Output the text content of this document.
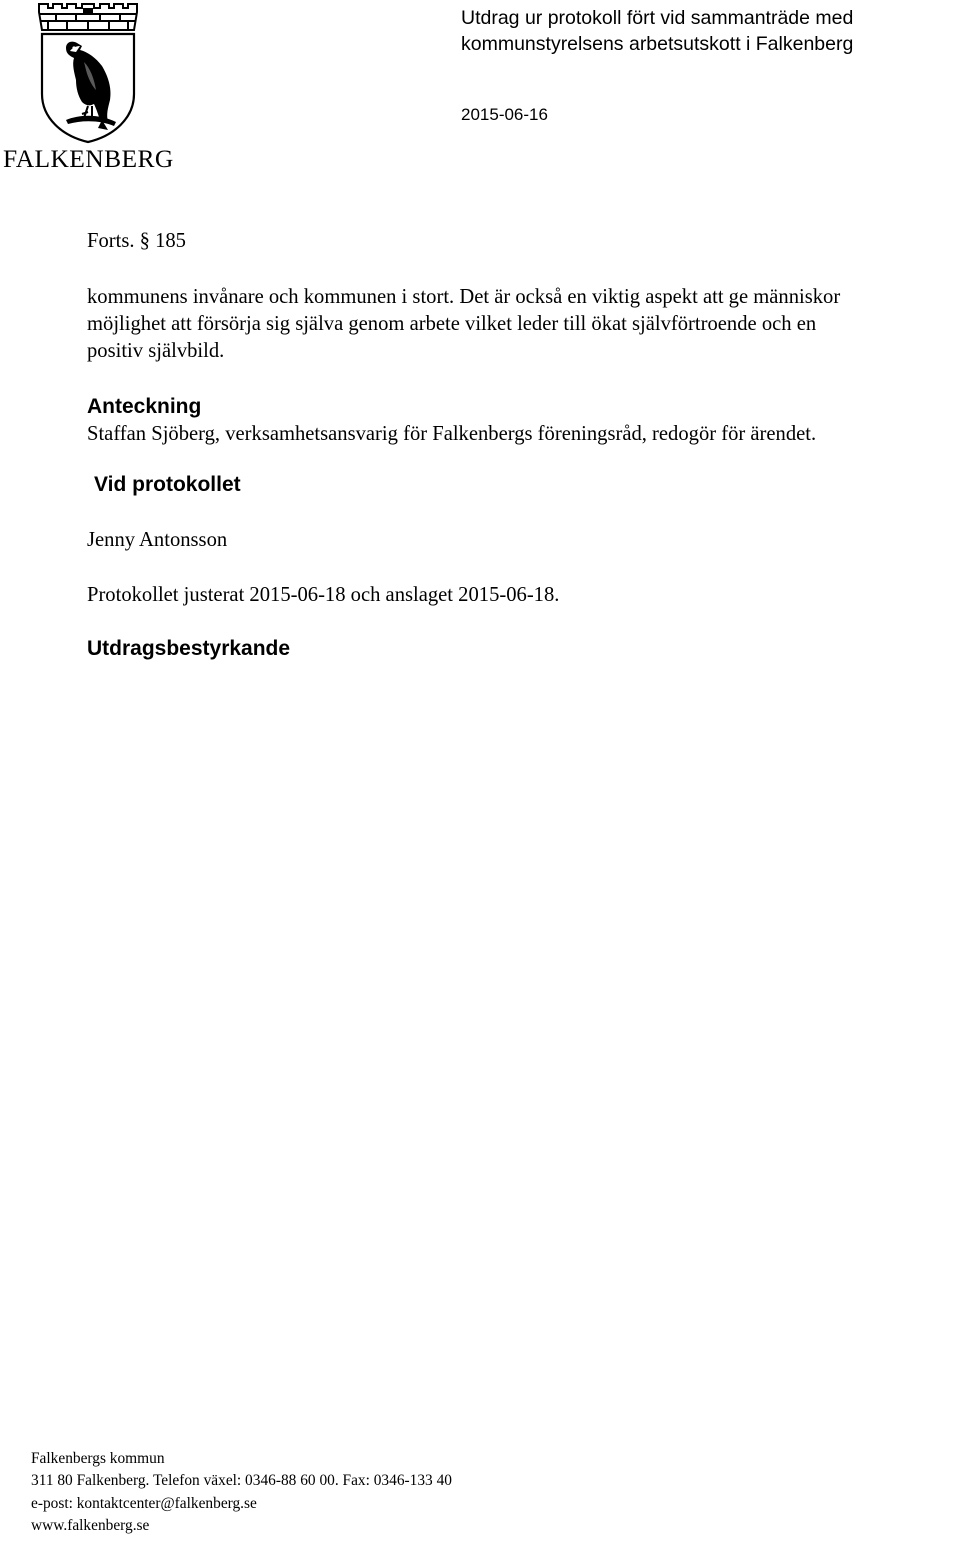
FALKENBERG
Utdrag ur protokoll fört vid sammanträde med
kommunstyrelsens arbetsutskott i Falkenberg
2015-06-16
Forts. § 185
kommunens invånare och kommunen i stort. Det är också en viktig aspekt att ge människor
möjlighet att försörja sig själva genom arbete vilket leder till ökat självförtroende och en
positiv självbild.
Anteckning
Staffan Sjöberg, verksamhetsansvarig för Falkenbergs föreningsråd, redogör för ärendet.
Vid protokollet
Jenny Antonsson
Protokollet justerat 2015-06-18 och anslaget 2015-06-18.
Utdragsbestyrkande
Falkenbergs kommun
311 80 Falkenberg. Telefon växel: 0346-88 60 00. Fax: 0346-133 40
e-post: kontaktcenter@falkenberg.se
www.falkenberg.se
